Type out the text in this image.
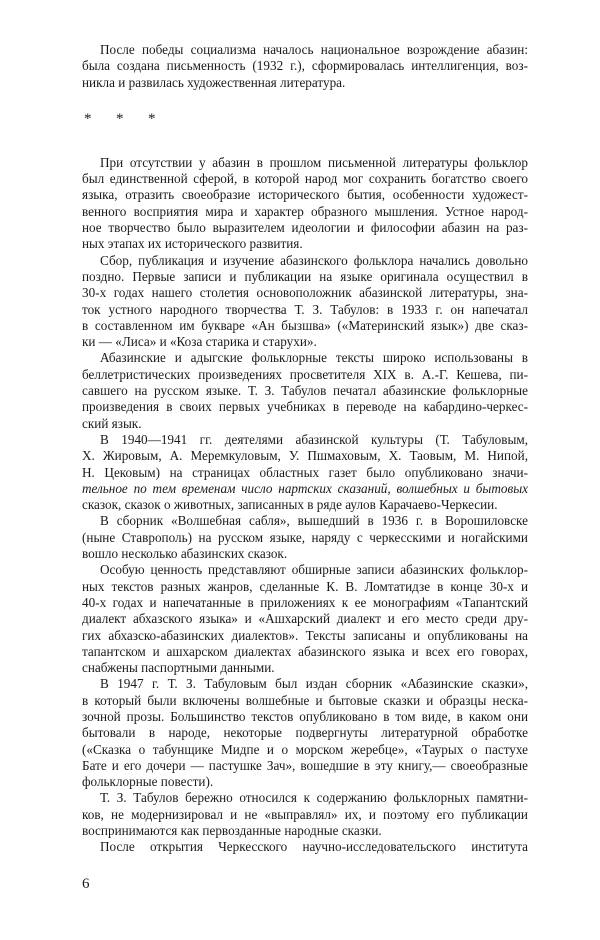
После победы социализма началось национальное возрождение абазин:
была создана письменность (1932 г.), сформировалась интеллигенция, воз-
никла и развилась художественная литература.
* * *
При отсутствии у абазин в прошлом письменной литературы фольклор
был единственной сферой, в которой народ мог сохранить богатство своего
языка, отразить своеобразие исторического бытия, особенности художест-
венного восприятия мира и характер образного мышления. Устное народ-
ное творчество было выразителем идеологии и философии абазин на раз-
ных этапах их исторического развития.
Сбор, публикация и изучение абазинского фольклора начались довольно
поздно. Первые записи и публикации на языке оригинала осуществил в
30-х годах нашего столетия основоположник абазинской литературы, зна-
ток устного народного творчества Т. З. Табулов: в 1933 г. он напечатал
в составленном им букваре «Ан бызшва» («Материнский язык») две сказ-
ки — «Лиса» и «Коза старика и старухи».
Абазинские и адыгские фольклорные тексты широко использованы в
беллетристических произведениях просветителя XIX в. А.-Г. Кешева, пи-
савшего на русском языке. Т. З. Табулов печатал абазинские фольклорные
произведения в своих первых учебниках в переводе на кабардино-черкес-
ский язык.
В 1940—1941 гг. деятелями абазинской культуры (Т. Табуловым,
Х. Жировым, А. Меремкуловым, У. Пшмаховым, Х. Таовым, М. Нипой,
Н. Цековым) на страницах областных газет было опубликовано значи-
тельное по тем временам число нартских сказаний, волшебных и бытовых
сказок, сказок о животных, записанных в ряде аулов Карачаево-Черкесии.
В сборник «Волшебная сабля», вышедший в 1936 г. в Ворошиловске
(ныне Ставрополь) на русском языке, наряду с черкесскими и ногайскими
вошло несколько абазинских сказок.
Особую ценность представляют обширные записи абазинских фольклор-
ных текстов разных жанров, сделанные К. В. Ломтатидзе в конце 30-х и
40-х годах и напечатанные в приложениях к ее монографиям «Тапантский
диалект абхазского языка» и «Ашхарский диалект и его место среди дру-
гих абхазско-абазинских диалектов». Тексты записаны и опубликованы на
тапантском и ашхарском диалектах абазинского языка и всех его говорах,
снабжены паспортными данными.
В 1947 г. Т. З. Табуловым был издан сборник «Абазинские сказки»,
в который были включены волшебные и бытовые сказки и образцы неска-
зочной прозы. Большинство текстов опубликовано в том виде, в каком они
бытовали в народе, некоторые подвергнуты литературной обработке
(«Сказка о табунщике Мидпе и о морском жеребце», «Таурых о пастухе
Бате и его дочери — пастушке Зач», вошедшие в эту книгу,— своеобразные
фольклорные повести).
Т. З. Табулов бережно относился к содержанию фольклорных памятни-
ков, не модернизировал и не «выправлял» их, и поэтому его публикации
воспринимаются как первозданные народные сказки.
После открытия Черкесского научно-исследовательского института
6
